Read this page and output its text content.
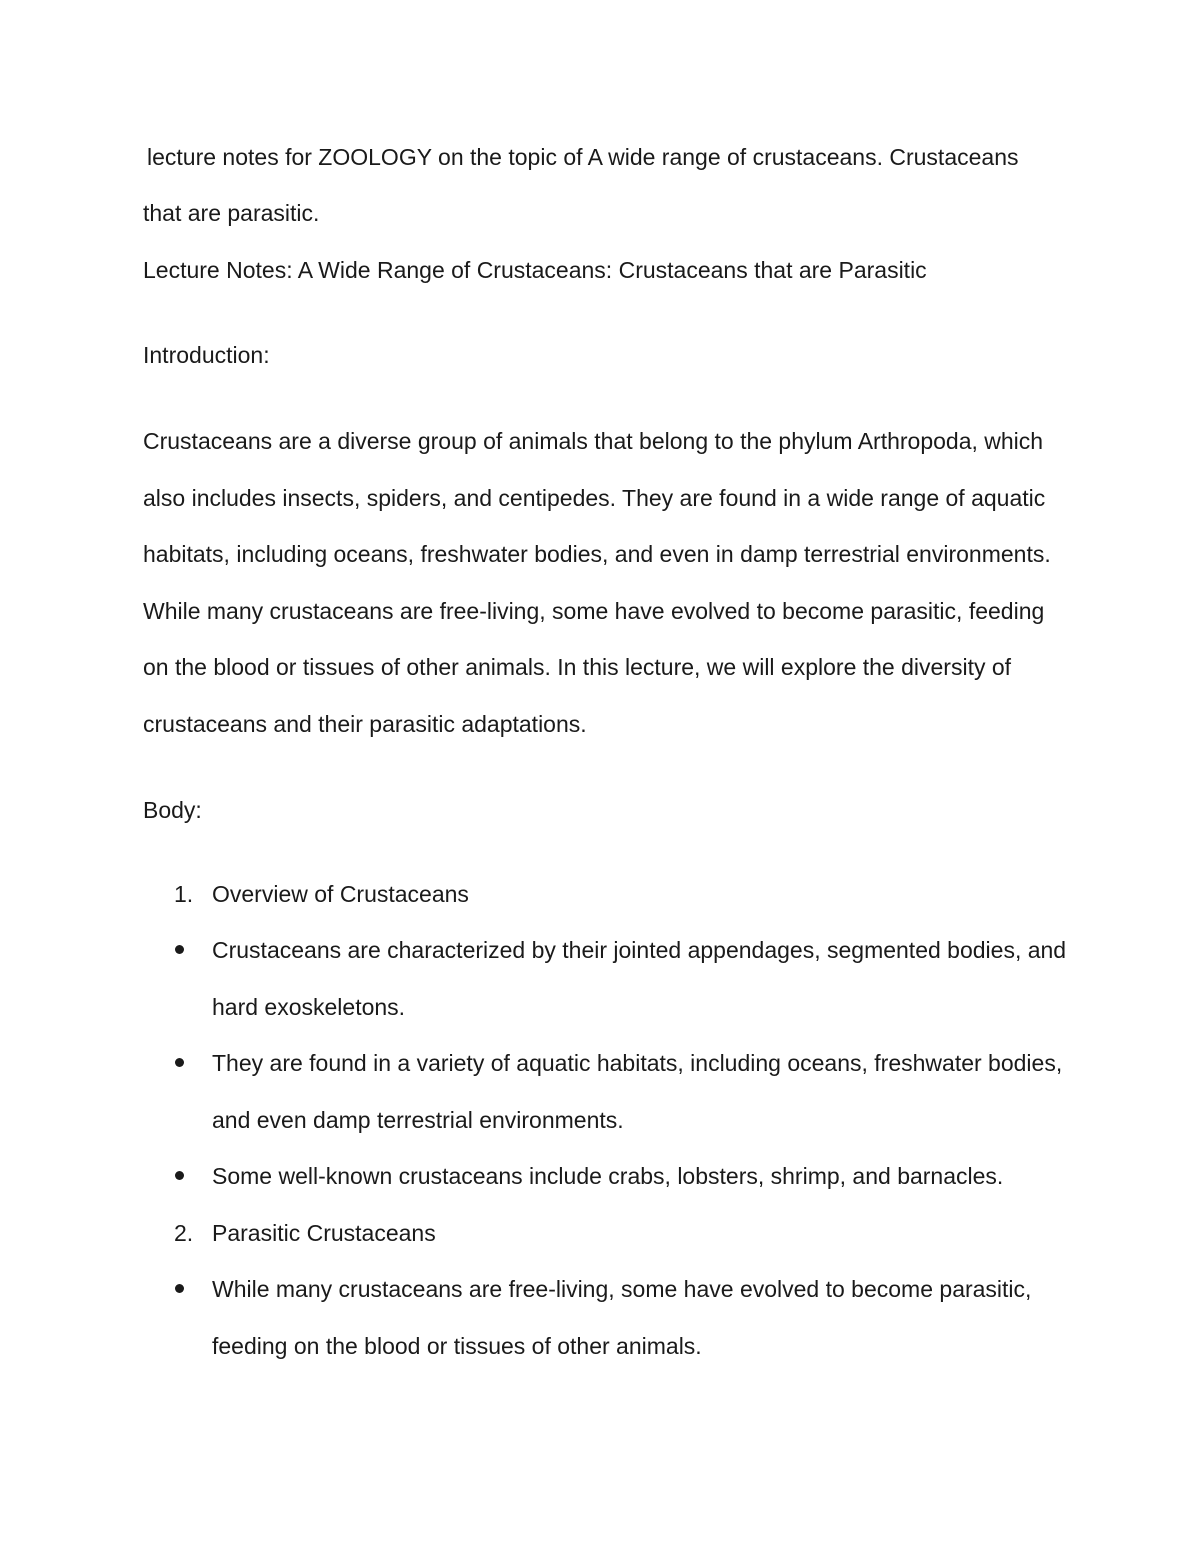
lecture notes for ZOOLOGY on the topic of A wide range of crustaceans. Crustaceans

that are parasitic.

Lecture Notes: A Wide Range of Crustaceans: Crustaceans that are Parasitic

Introduction:

Crustaceans are a diverse group of animals that belong to the phylum Arthropoda, which also includes insects, spiders, and centipedes. They are found in a wide range of aquatic habitats, including oceans, freshwater bodies, and even in damp terrestrial environments. While many crustaceans are free-living, some have evolved to become parasitic, feeding on the blood or tissues of other animals. In this lecture, we will explore the diversity of crustaceans and their parasitic adaptations.

Body:

1. Overview of Crustaceans
Crustaceans are characterized by their jointed appendages, segmented bodies, and hard exoskeletons.
They are found in a variety of aquatic habitats, including oceans, freshwater bodies, and even damp terrestrial environments.
Some well-known crustaceans include crabs, lobsters, shrimp, and barnacles.
2. Parasitic Crustaceans
While many crustaceans are free-living, some have evolved to become parasitic, feeding on the blood or tissues of other animals.
